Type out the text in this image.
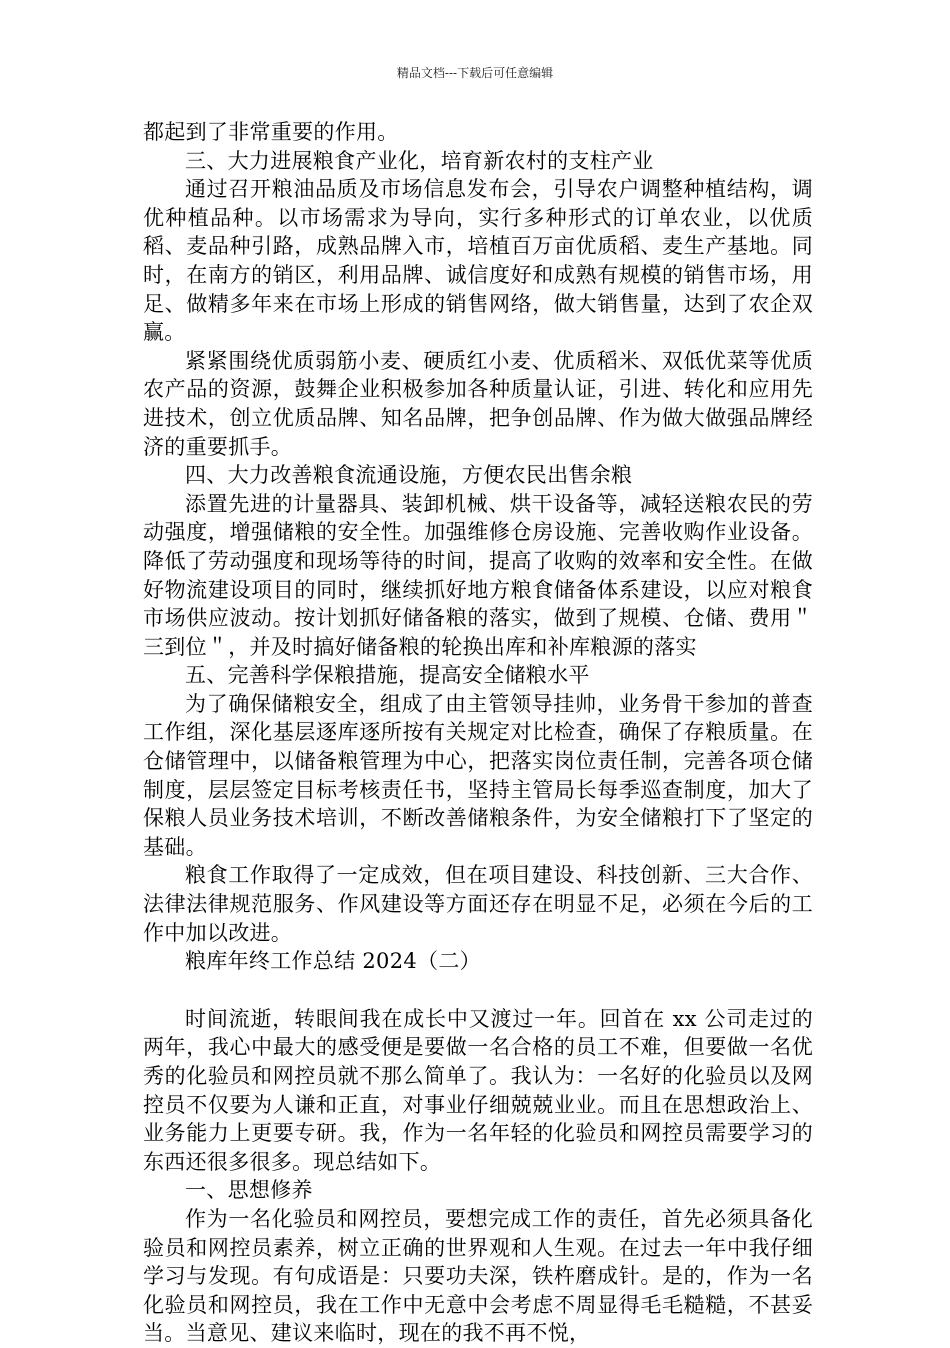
精品文档---下载后可任意编辑

都起到了非常重要的作用。

三、大力进展粮食产业化，培育新农村的支柱产业

通过召开粮油品质及市场信息发布会，引导农户调整种植结构，调优种植品种。以市场需求为导向，实行多种形式的订单农业，以优质稻、麦品种引路，成熟品牌入市，培植百万亩优质稻、麦生产基地。同时，在南方的销区，利用品牌、诚信度好和成熟有规模的销售市场，用足、做精多年来在市场上形成的销售网络，做大销售量，达到了农企双赢。

紧紧围绕优质弱筋小麦、硬质红小麦、优质稻米、双低优菜等优质农产品的资源，鼓舞企业积极参加各种质量认证，引进、转化和应用先进技术，创立优质品牌、知名品牌，把争创品牌、作为做大做强品牌经济的重要抓手。

四、大力改善粮食流通设施，方便农民出售余粮

添置先进的计量器具、装卸机械、烘干设备等，减轻送粮农民的劳动强度，增强储粮的安全性。加强维修仓房设施、完善收购作业设备。降低了劳动强度和现场等待的时间，提高了收购的效率和安全性。在做好物流建设项目的同时，继续抓好地方粮食储备体系建设，以应对粮食市场供应波动。按计划抓好储备粮的落实，做到了规模、仓储、费用＂三到位＂，并及时搞好储备粮的轮换出库和补库粮源的落实

五、完善科学保粮措施，提高安全储粮水平

为了确保储粮安全，组成了由主管领导挂帅，业务骨干参加的普查工作组，深化基层逐库逐所按有关规定对比检查，确保了存粮质量。在仓储管理中，以储备粮管理为中心，把落实岗位责任制，完善各项仓储制度，层层签定目标考核责任书，坚持主管局长每季巡查制度，加大了保粮人员业务技术培训，不断改善储粮条件，为安全储粮打下了坚定的基础。

粮食工作取得了一定成效，但在项目建设、科技创新、三大合作、法律法律规范服务、作风建设等方面还存在明显不足，必须在今后的工作中加以改进。

粮库年终工作总结 2024（二）

时间流逝，转眼间我在成长中又渡过一年。回首在 xx 公司走过的两年，我心中最大的感受便是要做一名合格的员工不难，但要做一名优秀的化验员和网控员就不那么简单了。我认为：一名好的化验员以及网控员不仅要为人谦和正直，对事业仔细兢兢业业。而且在思想政治上、业务能力上更要专研。我，作为一名年轻的化验员和网控员需要学习的东西还很多很多。现总结如下。

一、思想修养

作为一名化验员和网控员，要想完成工作的责任，首先必须具备化验员和网控员素养，树立正确的世界观和人生观。在过去一年中我仔细学习与发现。有句成语是：只要功夫深，铁杵磨成针。是的，作为一名化验员和网控员，我在工作中无意中会考虑不周显得毛毛糙糙，不甚妥当。当意见、建议来临时，现在的我不再不悦，
